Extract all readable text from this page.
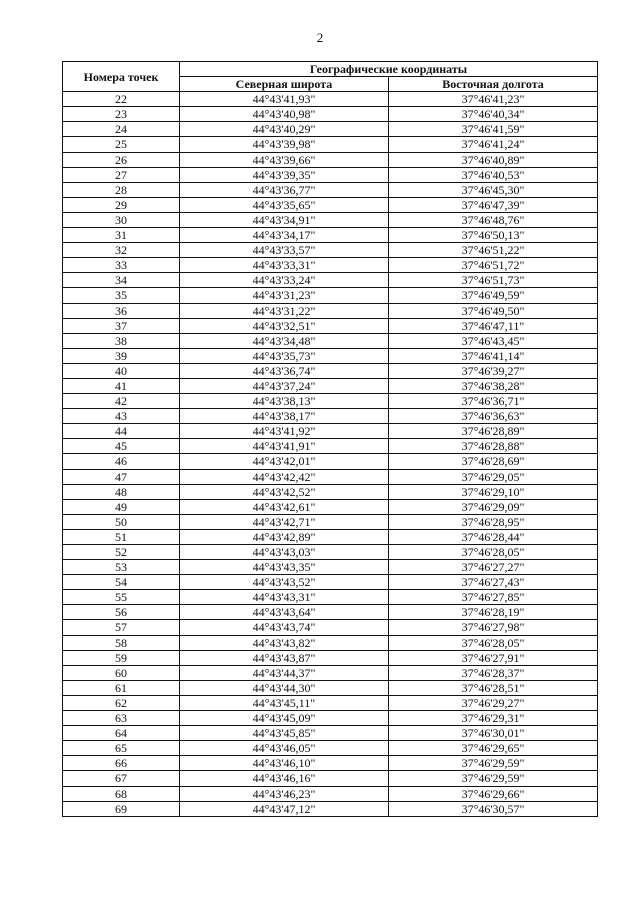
2
Номера точек	Географические координаты	
	Северная широта	Восточная долгота
22	44°43'41,93"	37°46'41,23"
23	44°43'40,98"	37°46'40,34"
24	44°43'40,29"	37°46'41,59"
25	44°43'39,98"	37°46'41,24"
26	44°43'39,66"	37°46'40,89"
27	44°43'39,35"	37°46'40,53"
28	44°43'36,77"	37°46'45,30"
29	44°43'35,65"	37°46'47,39"
30	44°43'34,91"	37°46'48,76"
31	44°43'34,17"	37°46'50,13"
32	44°43'33,57"	37°46'51,22"
33	44°43'33,31"	37°46'51,72"
34	44°43'33,24"	37°46'51,73"
35	44°43'31,23"	37°46'49,59"
36	44°43'31,22"	37°46'49,50"
37	44°43'32,51"	37°46'47,11"
38	44°43'34,48"	37°46'43,45"
39	44°43'35,73"	37°46'41,14"
40	44°43'36,74"	37°46'39,27"
41	44°43'37,24"	37°46'38,28"
42	44°43'38,13"	37°46'36,71"
43	44°43'38,17"	37°46'36,63"
44	44°43'41,92"	37°46'28,89"
45	44°43'41,91"	37°46'28,88"
46	44°43'42,01"	37°46'28,69"
47	44°43'42,42"	37°46'29,05"
48	44°43'42,52"	37°46'29,10"
49	44°43'42,61"	37°46'29,09"
50	44°43'42,71"	37°46'28,95"
51	44°43'42,89"	37°46'28,44"
52	44°43'43,03"	37°46'28,05"
53	44°43'43,35"	37°46'27,27"
54	44°43'43,52"	37°46'27,43"
55	44°43'43,31"	37°46'27,85"
56	44°43'43,64"	37°46'28,19"
57	44°43'43,74"	37°46'27,98"
58	44°43'43,82"	37°46'28,05"
59	44°43'43,87"	37°46'27,91"
60	44°43'44,37"	37°46'28,37"
61	44°43'44,30"	37°46'28,51"
62	44°43'45,11"	37°46'29,27"
63	44°43'45,09"	37°46'29,31"
64	44°43'45,85"	37°46'30,01"
65	44°43'46,05"	37°46'29,65"
66	44°43'46,10"	37°46'29,59"
67	44°43'46,16"	37°46'29,59"
68	44°43'46,23"	37°46'29,66"
69	44°43'47,12"	37°46'30,57"
